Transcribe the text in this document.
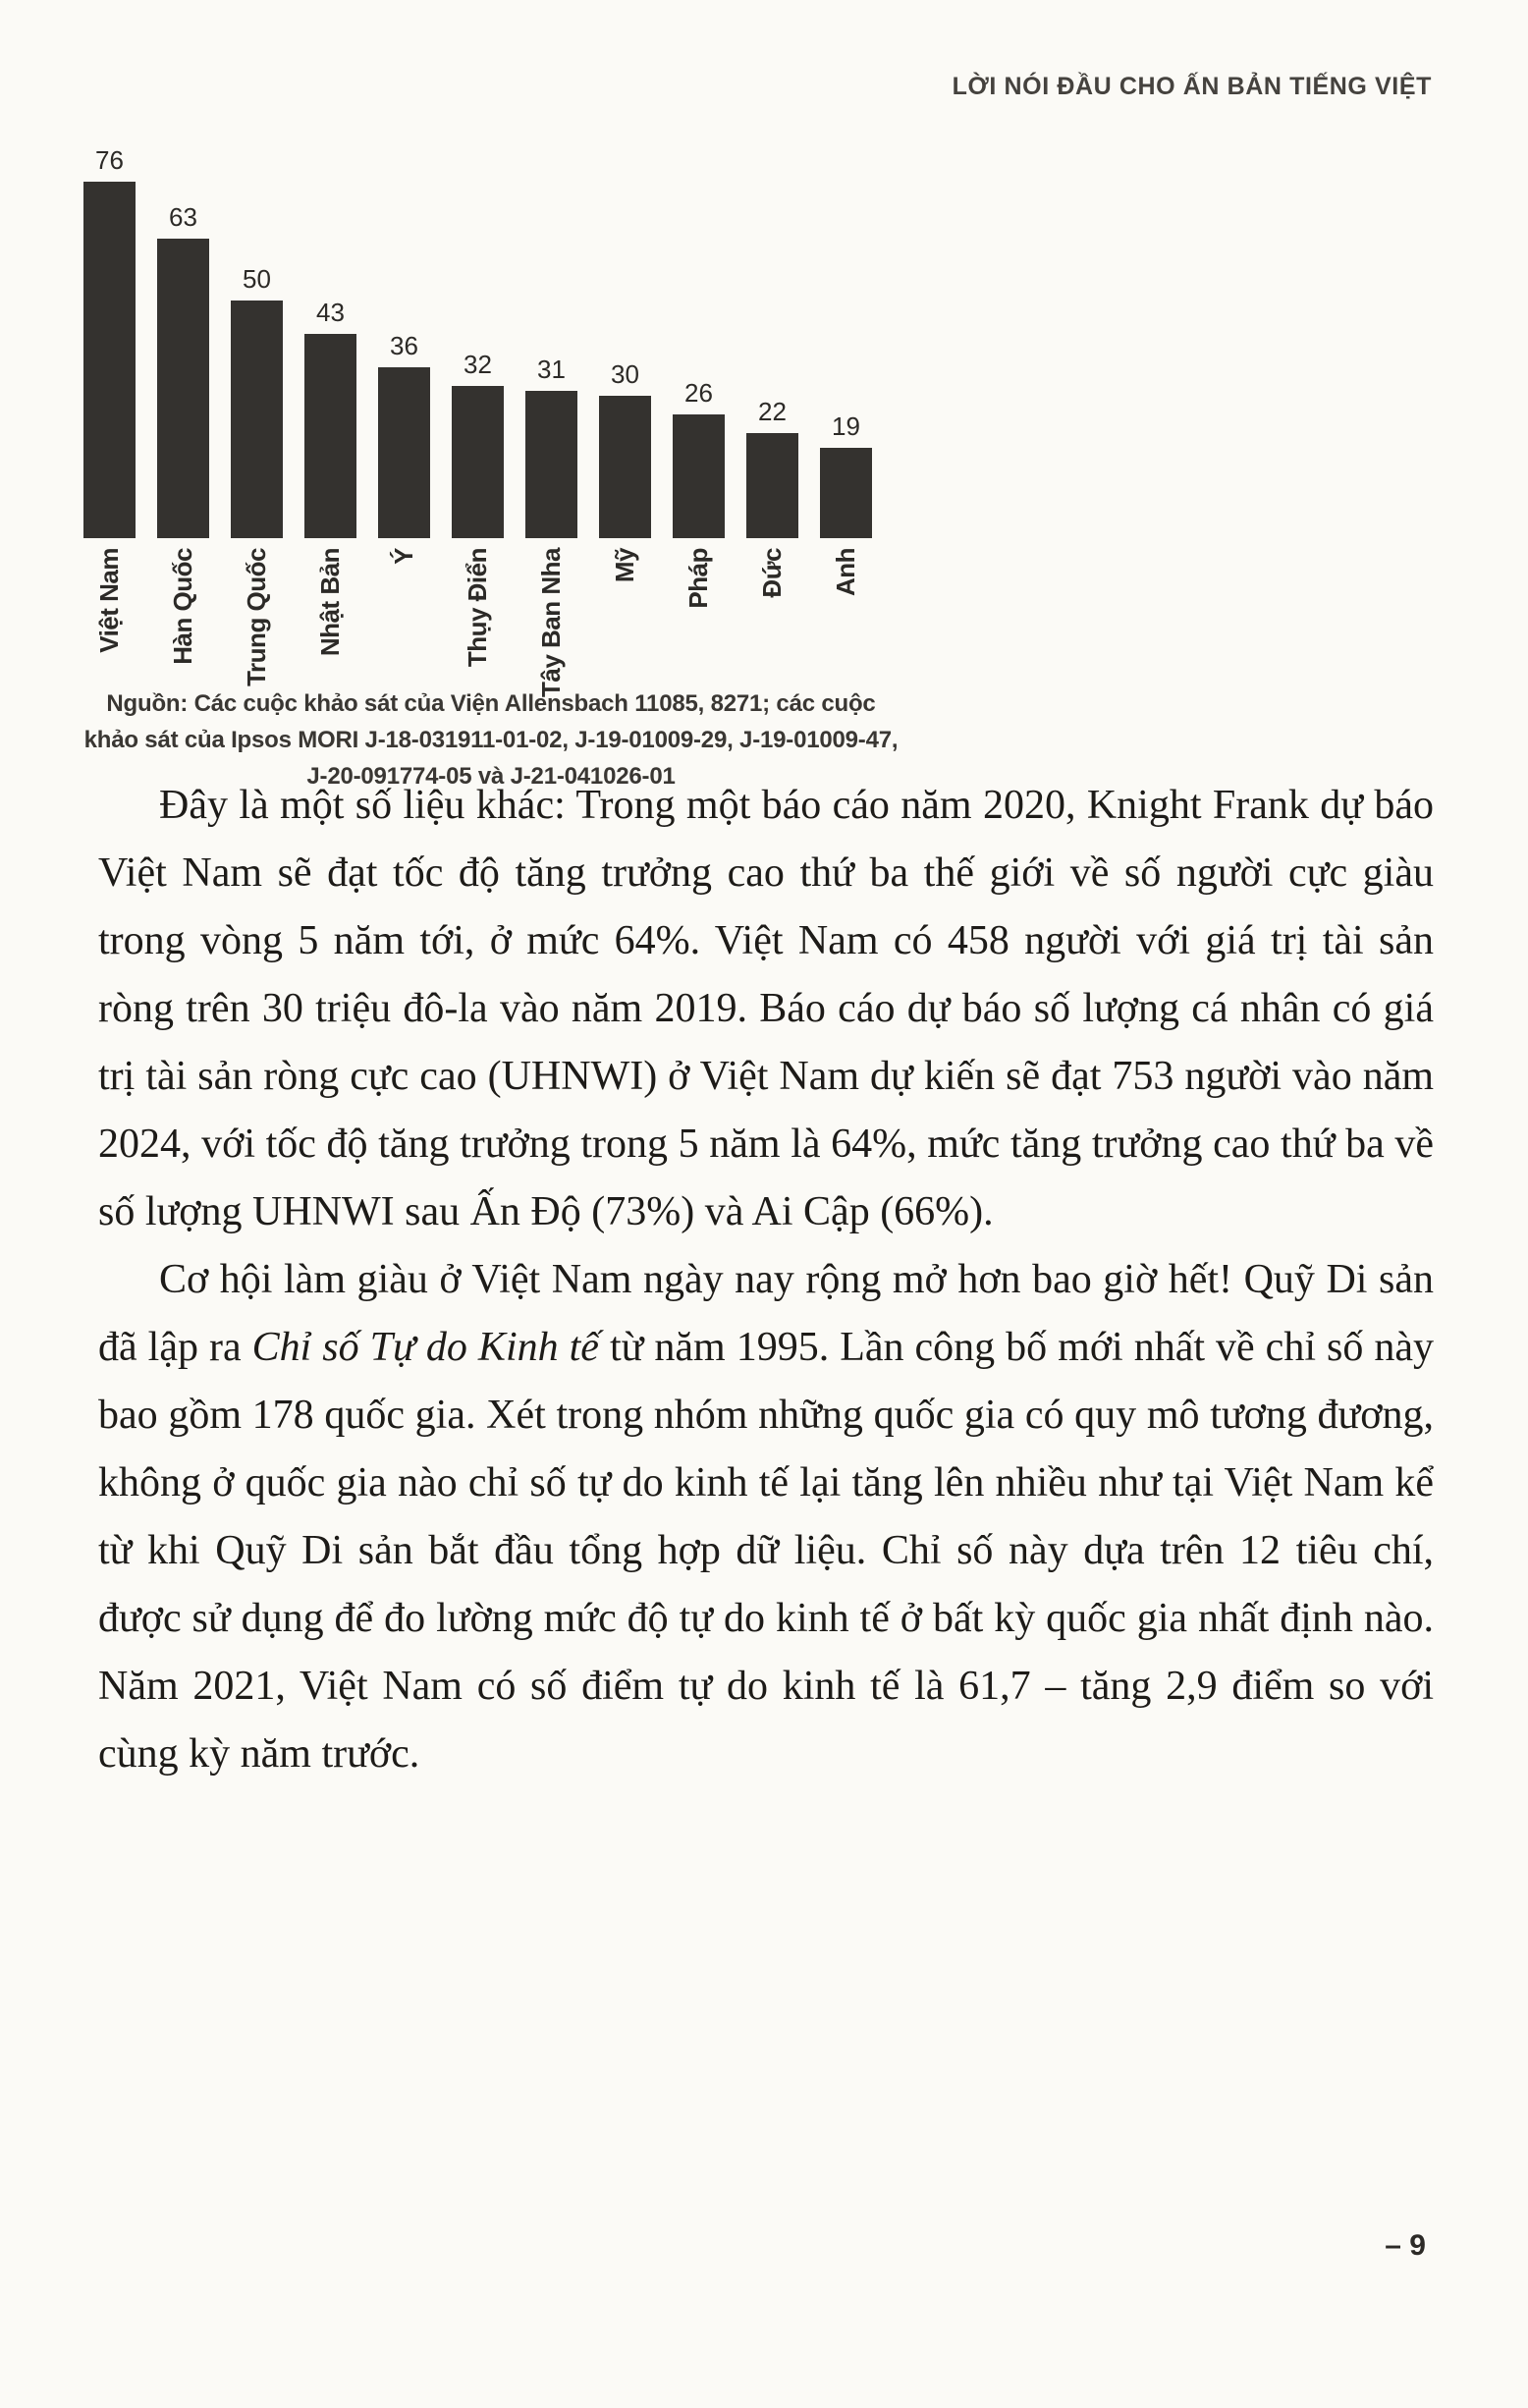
LỜI NÓI ĐẦU CHO ẤN BẢN TIẾNG VIỆT
76
Việt Nam
63
Hàn Quốc
50
Trung Quốc
43
Nhật Bản
36
Ý
32
Thụy Điển
31
Tây Ban Nha
30
Mỹ
26
Pháp
22
Đức
19
Anh
Nguồn: Các cuộc khảo sát của Viện Allensbach 11085, 8271; các cuộc khảo sát của Ipsos MORI J-18-031911-01-02, J-19-01009-29, J-19-01009-47, J-20-091774-05 và J-21-041026-01

Đây là một số liệu khác: Trong một báo cáo năm 2020, Knight Frank dự báo Việt Nam sẽ đạt tốc độ tăng trưởng cao thứ ba thế giới về số người cực giàu trong vòng 5 năm tới, ở mức 64%. Việt Nam có 458 người với giá trị tài sản ròng trên 30 triệu đô-la vào năm 2019. Báo cáo dự báo số lượng cá nhân có giá trị tài sản ròng cực cao (UHNWI) ở Việt Nam dự kiến sẽ đạt 753 người vào năm 2024, với tốc độ tăng trưởng trong 5 năm là 64%, mức tăng trưởng cao thứ ba về số lượng UHNWI sau Ấn Độ (73%) và Ai Cập (66%).

Cơ hội làm giàu ở Việt Nam ngày nay rộng mở hơn bao giờ hết! Quỹ Di sản đã lập ra Chỉ số Tự do Kinh tế từ năm 1995. Lần công bố mới nhất về chỉ số này bao gồm 178 quốc gia. Xét trong nhóm những quốc gia có quy mô tương đương, không ở quốc gia nào chỉ số tự do kinh tế lại tăng lên nhiều như tại Việt Nam kể từ khi Quỹ Di sản bắt đầu tổng hợp dữ liệu. Chỉ số này dựa trên 12 tiêu chí, được sử dụng để đo lường mức độ tự do kinh tế ở bất kỳ quốc gia nhất định nào. Năm 2021, Việt Nam có số điểm tự do kinh tế là 61,7 – tăng 2,9 điểm so với cùng kỳ năm trước.

– 9
